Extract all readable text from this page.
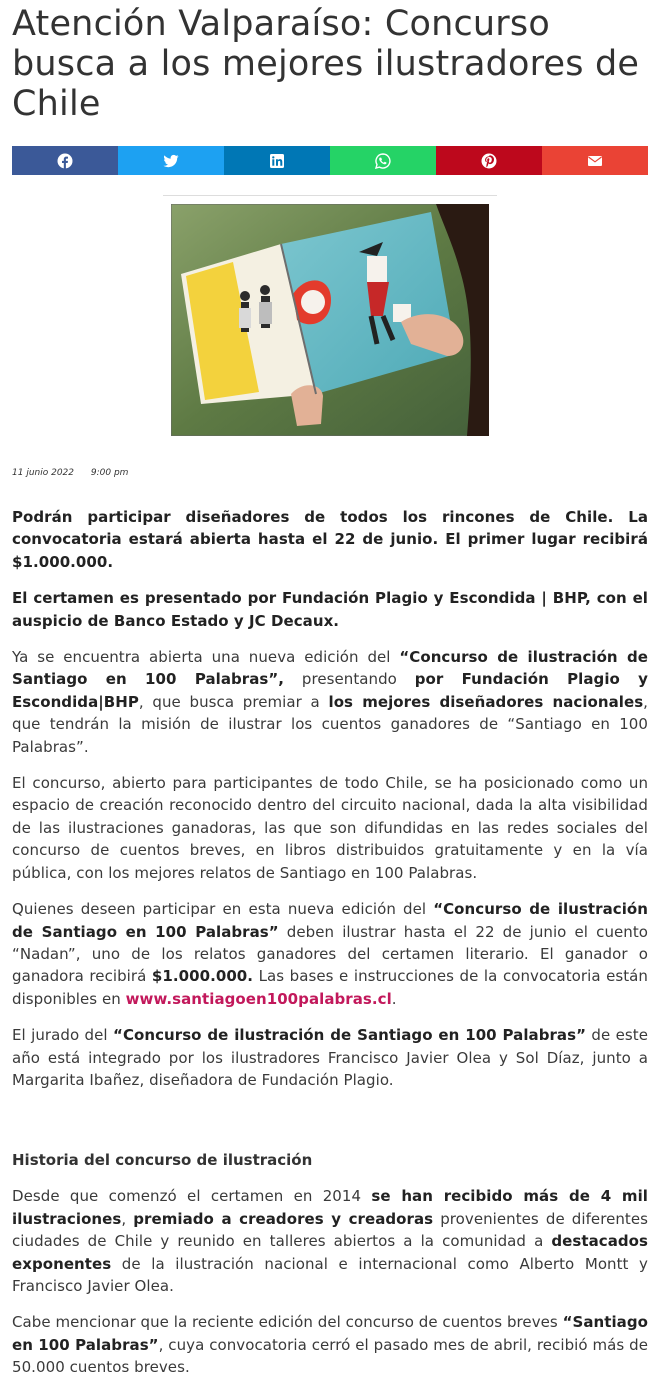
Atención Valparaíso: Concurso busca a los mejores ilustradores de Chile
11 junio 2022 9:00 pm

Podrán participar diseñadores de todos los rincones de Chile. La convocatoria estará abierta hasta el 22 de junio. El primer lugar recibirá $1.000.000.

El certamen es presentado por Fundación Plagio y Escondida | BHP, con el auspicio de Banco Estado y JC Decaux.

Ya se encuentra abierta una nueva edición del “Concurso de ilustración de Santiago en 100 Palabras”, presentando por Fundación Plagio y Escondida|BHP, que busca premiar a los mejores diseñadores nacionales, que tendrán la misión de ilustrar los cuentos ganadores de “Santiago en 100 Palabras”.

El concurso, abierto para participantes de todo Chile, se ha posicionado como un espacio de creación reconocido dentro del circuito nacional, dada la alta visibilidad de las ilustraciones ganadoras, las que son difundidas en las redes sociales del concurso de cuentos breves, en libros distribuidos gratuitamente y en la vía pública, con los mejores relatos de Santiago en 100 Palabras.

Quienes deseen participar en esta nueva edición del “Concurso de ilustración de Santiago en 100 Palabras” deben ilustrar hasta el 22 de junio el cuento “Nadan”, uno de los relatos ganadores del certamen literario. El ganador o ganadora recibirá $1.000.000. Las bases e instrucciones de la convocatoria están disponibles en www.santiagoen100palabras.cl.

El jurado del “Concurso de ilustración de Santiago en 100 Palabras” de este año está integrado por los ilustradores Francisco Javier Olea y Sol Díaz, junto a Margarita Ibañez, diseñadora de Fundación Plagio.

Historia del concurso de ilustración

Desde que comenzó el certamen en 2014 se han recibido más de 4 mil ilustraciones, premiado a creadores y creadoras provenientes de diferentes ciudades de Chile y reunido en talleres abiertos a la comunidad a destacados exponentes de la ilustración nacional e internacional como Alberto Montt y Francisco Javier Olea.

Cabe mencionar que la reciente edición del concurso de cuentos breves “Santiago en 100 Palabras”, cuya convocatoria cerró el pasado mes de abril, recibió más de 50.000 cuentos breves.
